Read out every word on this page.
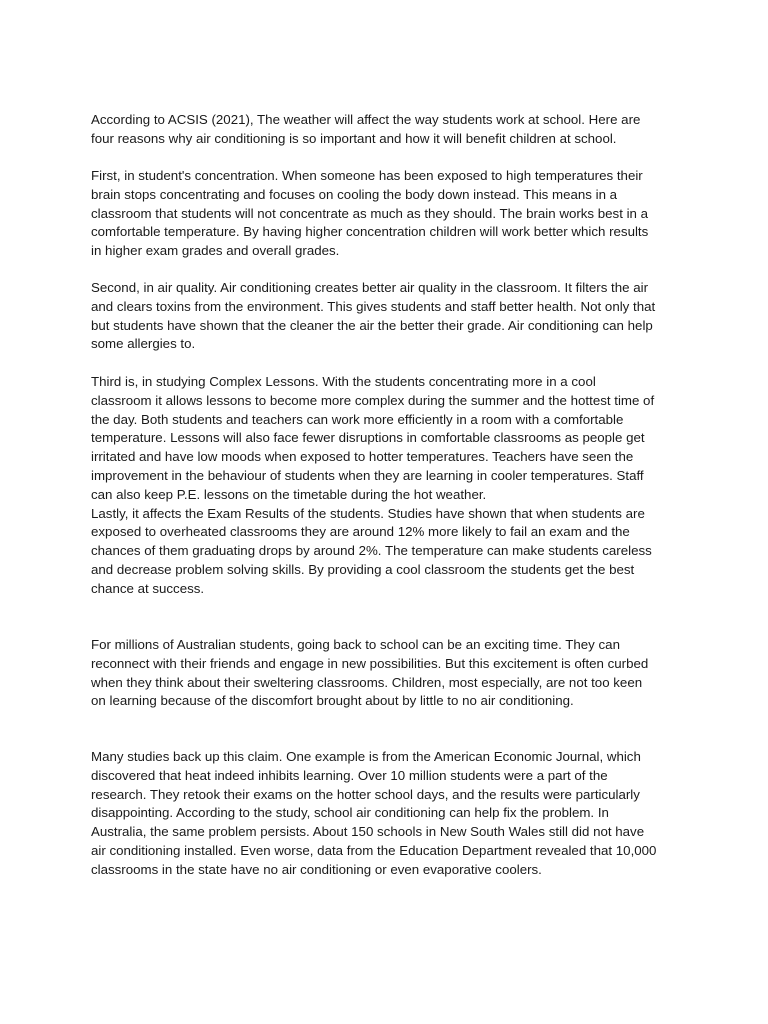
According to ACSIS (2021), The weather will affect the way students work at school. Here are
four reasons why air conditioning is so important and how it will benefit children at school.
First, in student's concentration. When someone has been exposed to high temperatures their
brain stops concentrating and focuses on cooling the body down instead. This means in a
classroom that students will not concentrate as much as they should. The brain works best in a
comfortable temperature. By having higher concentration children will work better which results
in higher exam grades and overall grades.
Second, in air quality. Air conditioning creates better air quality in the classroom. It filters the air
and clears toxins from the environment. This gives students and staff better health. Not only that
but students have shown that the cleaner the air the better their grade. Air conditioning can help
some allergies to.
Third is, in studying Complex Lessons. With the students concentrating more in a cool
classroom it allows lessons to become more complex during the summer and the hottest time of
the day. Both students and teachers can work more efficiently in a room with a comfortable
temperature. Lessons will also face fewer disruptions in comfortable classrooms as people get
irritated and have low moods when exposed to hotter temperatures. Teachers have seen the
improvement in the behaviour of students when they are learning in cooler temperatures. Staff
can also keep P.E. lessons on the timetable during the hot weather.
Lastly, it affects the Exam Results of the students. Studies have shown that when students are
exposed to overheated classrooms they are around 12% more likely to fail an exam and the
chances of them graduating drops by around 2%. The temperature can make students careless
and decrease problem solving skills. By providing a cool classroom the students get the best
chance at success.
For millions of Australian students, going back to school can be an exciting time. They can
reconnect with their friends and engage in new possibilities. But this excitement is often curbed
when they think about their sweltering classrooms. Children, most especially, are not too keen
on learning because of the discomfort brought about by little to no air conditioning.
Many studies back up this claim. One example is from the American Economic Journal, which
discovered that heat indeed inhibits learning. Over 10 million students were a part of the
research. They retook their exams on the hotter school days, and the results were particularly
disappointing. According to the study, school air conditioning can help fix the problem. In
Australia, the same problem persists. About 150 schools in New South Wales still did not have
air conditioning installed. Even worse, data from the Education Department revealed that 10,000
classrooms in the state have no air conditioning or even evaporative coolers.
